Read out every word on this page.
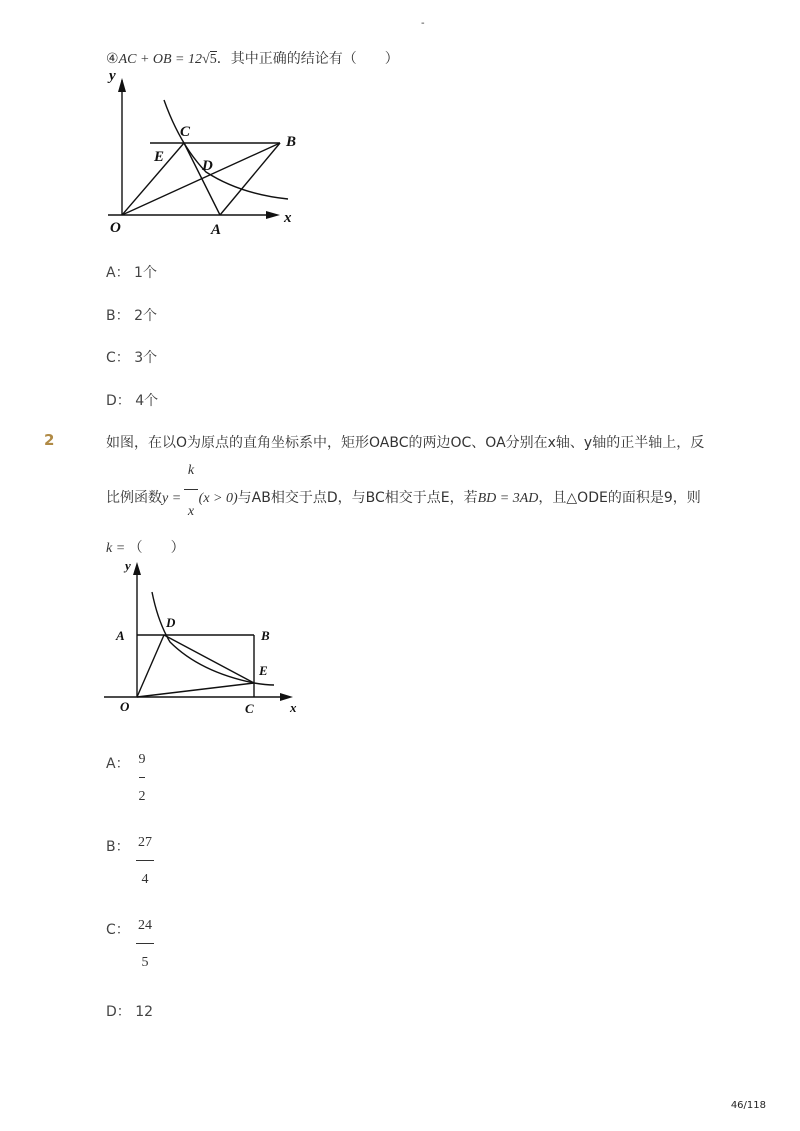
-
④AC + OB = 12√5．其中正确的结论有（　　）
y
x
O	A
B
C
D
E
y
x
O
A	B
C
D
E
A： 1个
B： 2个
C： 3个
D： 4个
2	如图，在以O为原点的直角坐标系中，矩形OABC的两边OC、OA分别在x轴、y轴的正半轴上，反
比例函数y = (x > 0)与AB相交于点D，与BC相交于点E，若BD = 3AD，且△ODE的面积是9，则
k
x
k = （　　）
A： 9
2
B： 27
4
C： 24
5
D： 12
46/118
